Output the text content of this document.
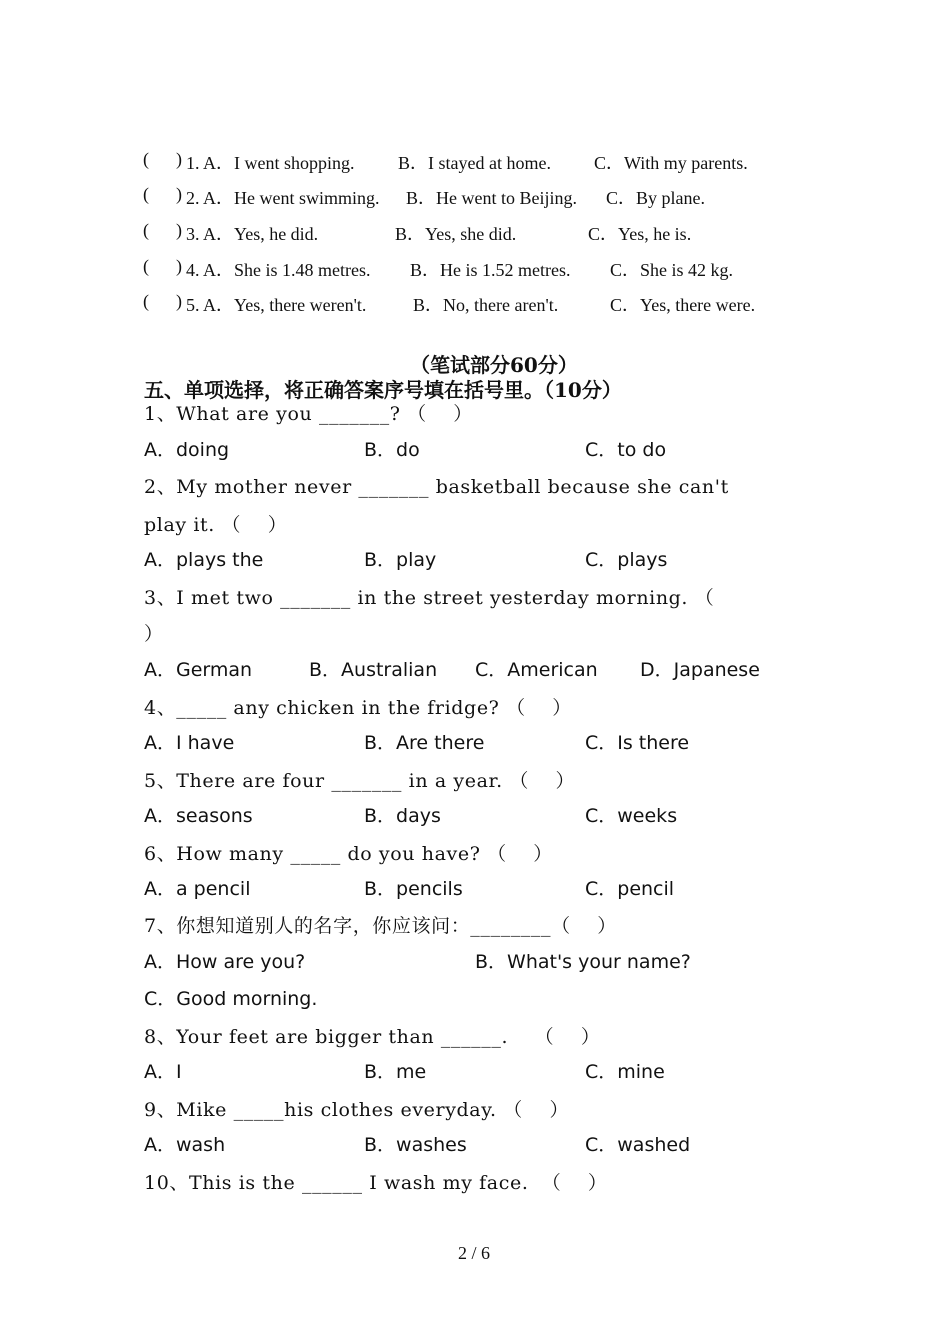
(      ) 1. A．I went shopping. B．I stayed at home. C．With my parents.
(      ) 2. A．He went swimming. B．He went to Beijing. C．By plane.
(      ) 3. A．Yes, he did.	B．Yes, she did.	C．Yes, he is.
(      ) 4. A．She is 1.48 metres. B．He is 1.52 metres. C．She is 42 kg.
(      ) 5. A．Yes, there weren't.	B．No, there aren't.	C．Yes, there were.
（笔试部分60分）
五、单项选择，将正确答案序号填在括号里。（10分）
1、What are you _______? （    ）
A．doing	B．do	C．to do
2、My mother never _______ basketball because she can't
play it. （    ）
A．plays the	B．play	C．plays
3、I met two _______ in the street yesterday morning. （
）
A．German	B．Australian C．American D．Japanese
4、_____ any chicken in the fridge? （    ）
A．I have	B．Are there	C．Is there
5、There are four _______ in a year. （    ）
A．seasons	B．days	C．weeks
6、How many _____ do you have? （    ）
A．a pencil	B．pencils	C．pencil
7、你想知道别人的名字，你应该问：________（    ）
A．How are you?	B．What's your name?
C．Good morning.
8、Your feet are bigger than ______.    （    ）
A．I	B．me	C．mine
9、Mike _____his clothes everyday. （    ）
A．wash	B．washes	C．washed
10、This is the ______ I wash my face.  （    ）
2 / 6
